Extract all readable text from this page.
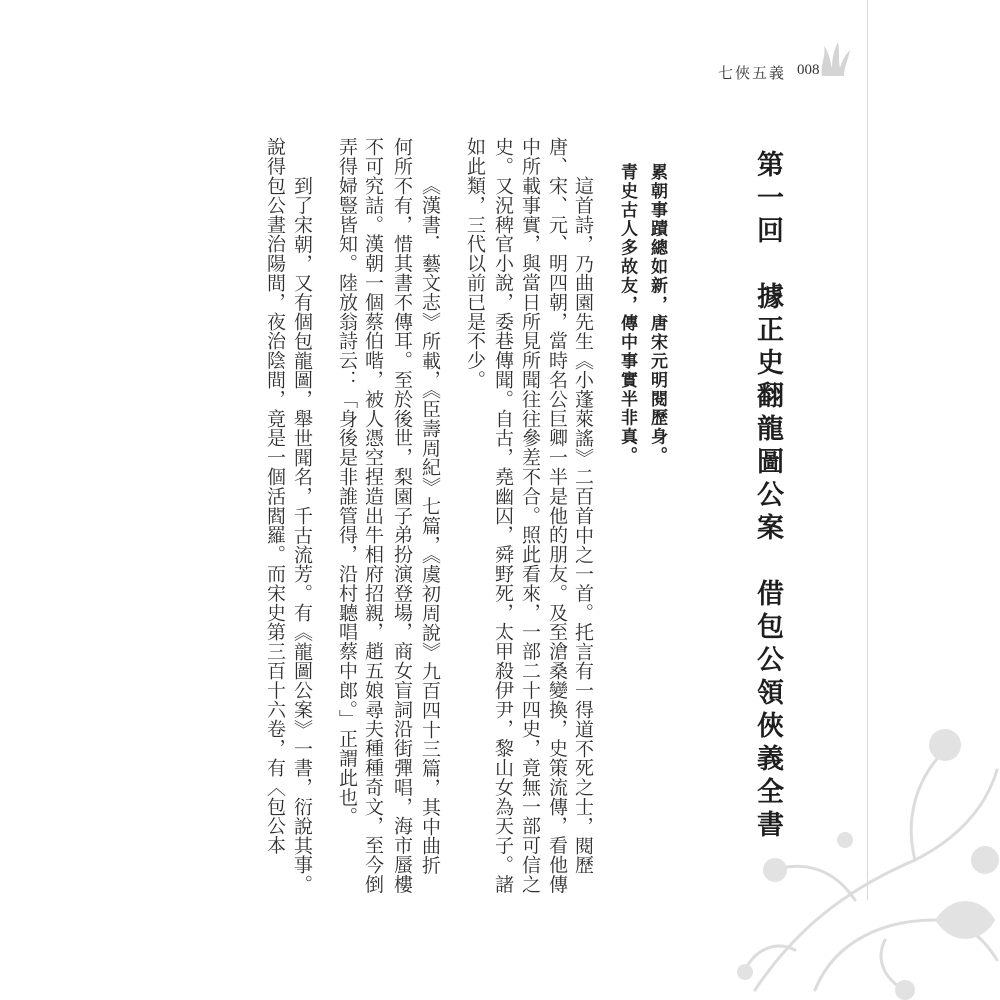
七俠五義 008
第一回　據正史翻龍圖公案　借包公領俠義全書
累朝事蹟總如新，唐宋元明閱歷身。
青史古人多故友，傳中事實半非真。
這首詩，乃曲園先生《小蓬萊謠》二百首中之一首。托言有一得道不死之士，閱歷
唐、宋、元、明四朝，當時名公巨卿一半是他的朋友。及至滄桑變換，史策流傳，看他傳
中所載事實，與當日所見所聞往往參差不合。照此看來，一部二十四史，竟無一部可信之
史。又況稗官小說，委巷傳聞。自古，堯幽囚，舜野死，太甲殺伊尹，黎山女為天子。諸
如此類，三代以前已是不少。
《漢書．藝文志》所載，《臣壽周紀》七篇，《虞初周說》九百四十三篇，其中曲折
何所不有，惜其書不傳耳。至於後世，梨園子弟扮演登場，商女盲詞沿街彈唱，海市蜃樓
不可究詰。漢朝一個蔡伯喈，被人憑空捏造出牛相府招親，趙五娘尋夫種種奇文，至今倒
弄得婦豎皆知。陸放翁詩云：「身後是非誰管得，沿村聽唱蔡中郎。」正謂此也。
到了宋朝，又有個包龍圖，舉世聞名，千古流芳。有《龍圖公案》一書，衍說其事。
說得包公晝治陽間，夜治陰間，竟是一個活閻羅。而宋史第三百十六卷，有〈包公本
